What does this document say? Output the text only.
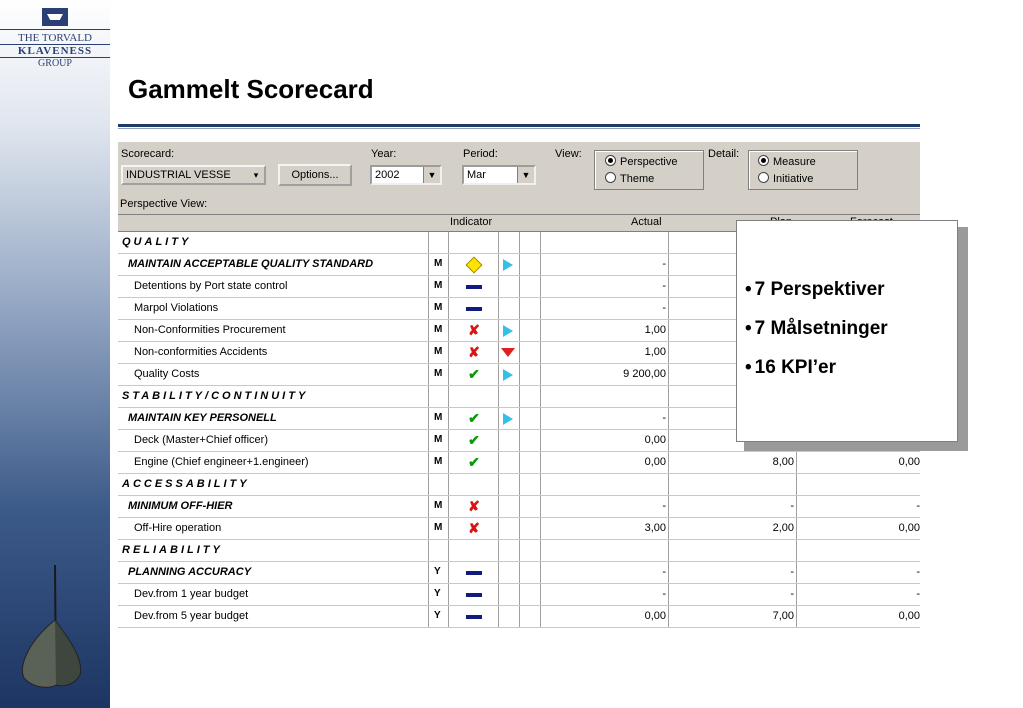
THE TORVALD
KLAVENESS
GROUP
Gammelt Scorecard
Scorecard:
INDUSTRIAL VESSE	▾	Options...
Year:
2002	▼
Period:
Mar	▼
View:
Perspective
Theme
Detail:
Measure
Initiative
Perspective View:
Indicator	Actual
QUALITY
MAINTAIN ACCEPTABLE QUALITY STANDARD	M	-
Detentions by Port state control	M	-
Marpol Violations	M	-
Non-Conformities Procurement	M	✘	1,00
Non-conformities Accidents	M	✘	1,00
Quality Costs	M	✔	9 200,00
STABILITY/CONTINUITY
MAINTAIN KEY PERSONELL	M	✔	-
Deck (Master+Chief officer)	M	✔	0,00
Engine (Chief engineer+1.engineer)	M	✔	0,00	8,00	0,00
ACCESSABILITY
MINIMUM OFF-HIER	M	✘	-	-	-
Off-Hire operation	M	✘	3,00	2,00	0,00
RELIABILITY
PLANNING ACCURACY	Y	-	-	-
Dev.from 1 year budget	Y	-	-	-
Dev.from 5 year budget	Y	0,00	7,00	0,00
• 7 Perspektiver
• 7 Målsetninger
• 16 KPI’er
